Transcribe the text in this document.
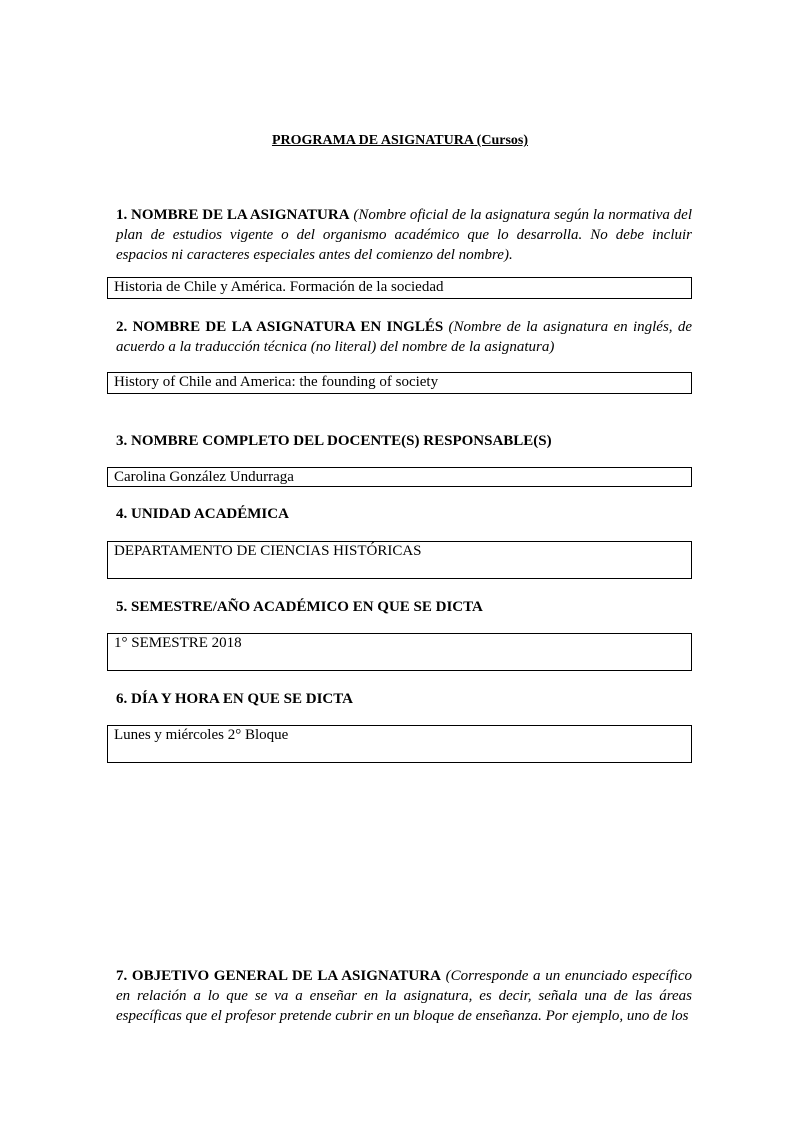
PROGRAMA DE ASIGNATURA (Cursos)
1. NOMBRE DE LA ASIGNATURA (Nombre oficial de la asignatura según la normativa del plan de estudios vigente o del organismo académico que lo desarrolla. No debe incluir espacios ni caracteres especiales antes del comienzo del nombre).
Historia de Chile y América. Formación de la sociedad
2. NOMBRE DE LA ASIGNATURA EN INGLÉS (Nombre de la asignatura en inglés, de acuerdo a la traducción técnica (no literal) del nombre de la asignatura)
History of Chile and America: the founding of society
3. NOMBRE COMPLETO DEL DOCENTE(S) RESPONSABLE(S)
Carolina González Undurraga
4. UNIDAD ACADÉMICA
DEPARTAMENTO DE CIENCIAS HISTÓRICAS
5. SEMESTRE/AÑO ACADÉMICO EN QUE SE DICTA
1° SEMESTRE 2018
6. DÍA Y HORA EN QUE SE DICTA
Lunes y miércoles 2° Bloque
7. OBJETIVO GENERAL DE LA ASIGNATURA (Corresponde a un enunciado específico en relación a lo que se va a enseñar en la asignatura, es decir, señala una de las áreas específicas que el profesor pretende cubrir en un bloque de enseñanza. Por ejemplo, uno de los
